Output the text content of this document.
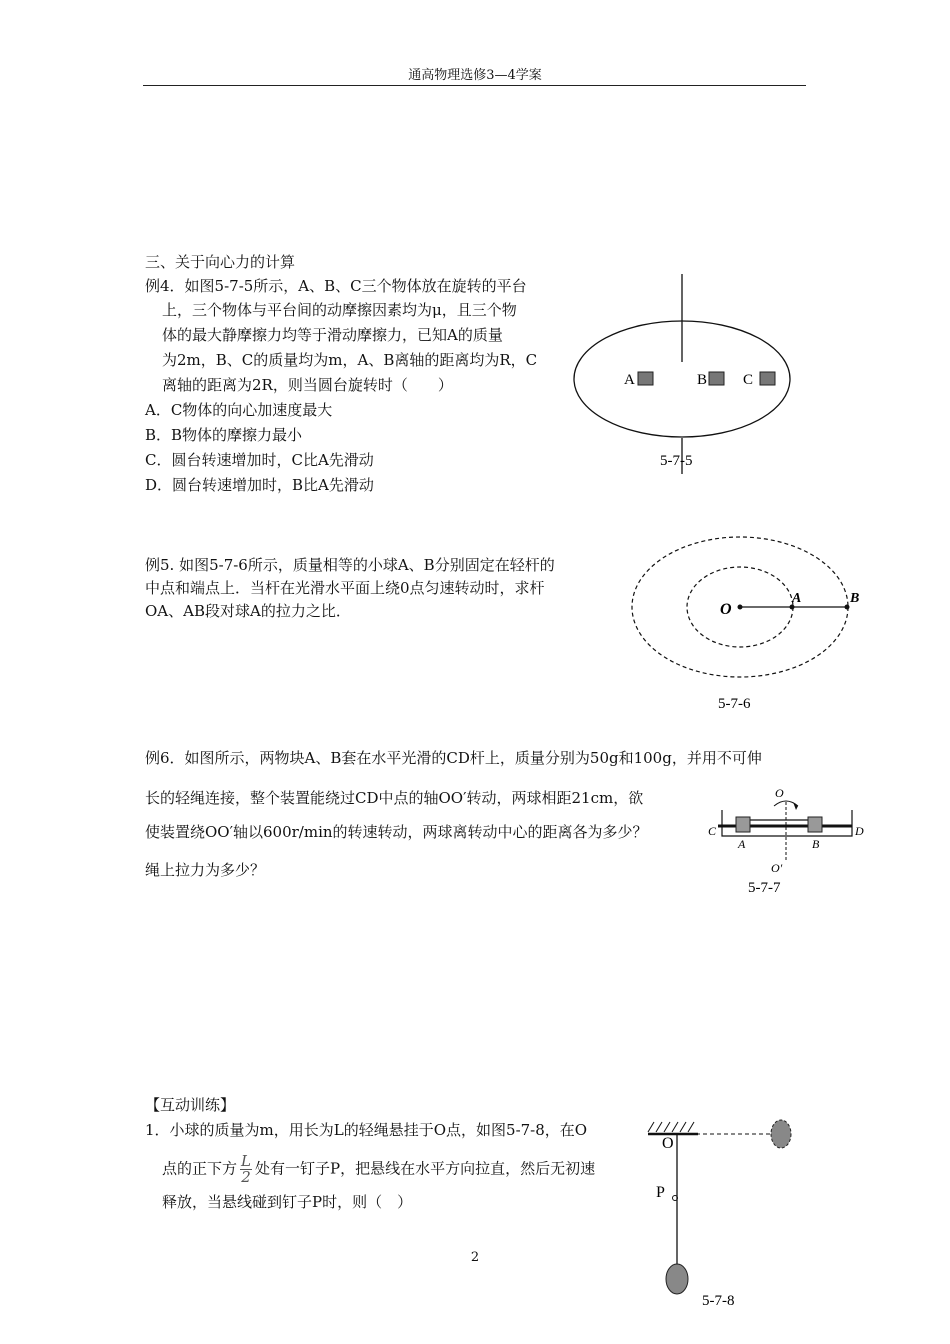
通高物理选修3—4学案
三、关于向心力的计算
例4．如图5-7-5所示，A、B、C三个物体放在旋转的平台
上，三个物体与平台间的动摩擦因素均为μ，且三个物
体的最大静摩擦力均等于滑动摩擦力，已知A的质量
为2m，B、C的质量均为m，A、B离轴的距离均为R，C
离轴的距离为2R，则当圆台旋转时（　　）
A．C物体的向心加速度最大
B．B物体的摩擦力最小
C．圆台转速增加时，C比A先滑动
D．圆台转速增加时，B比A先滑动
A	B C
5-7-5
例5. 如图5-7-6所示，质量相等的小球A、B分别固定在轻杆的
中点和端点上．当杆在光滑水平面上绕0点匀速转动时，求杆
OA、AB段对球A的拉力之比．	O
A	B
5-7-6
例6．如图所示，两物块A、B套在水平光滑的CD杆上，质量分别为50g和100g，并用不可伸
长的轻绳连接，整个装置能绕过CD中点的轴OO′转动，两球相距21cm，欲
使装置绕OO′轴以600r/min的转速转动，两球离转动中心的距离各为多少？
绳上拉力为多少？
O
C	D
A	B
O′
5-7-7
【互动训练】
1．小球的质量为m，用长为L的轻绳悬挂于O点，如图5-7-8，在O
点的正下方 $\frac{L}{2}$ 处有一钉子P，把悬线在水平方向拉直，然后无初速
释放，当悬线碰到钉子P时，则（　）
O
P
5-7-8
2
